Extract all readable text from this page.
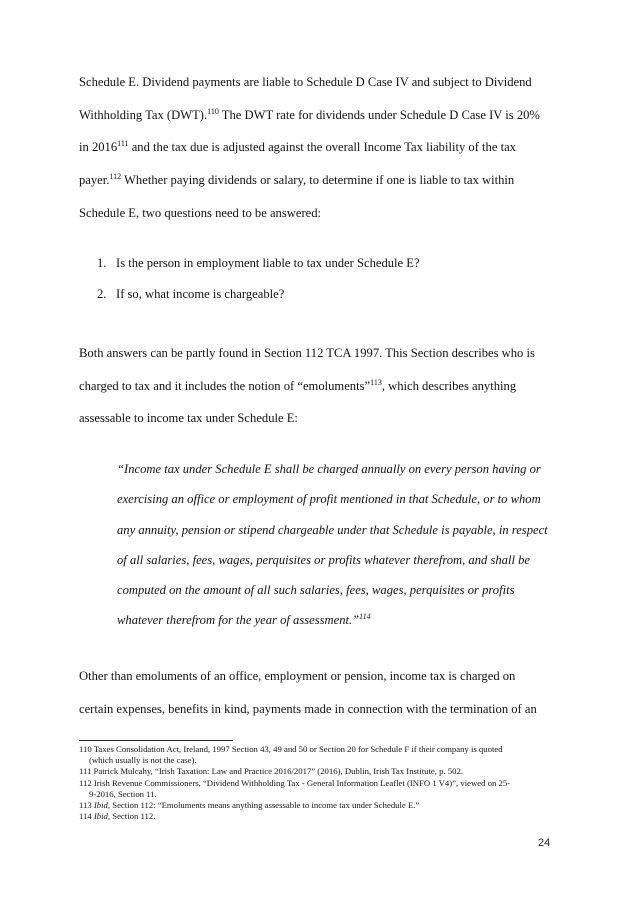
Schedule E. Dividend payments are liable to Schedule D Case IV and subject to Dividend
Withholding Tax (DWT).$^{110}$ The DWT rate for dividends under Schedule D Case IV is 20%
in 2016$^{111}$ and the tax due is adjusted against the overall Income Tax liability of the tax
payer.$^{112}$ Whether paying dividends or salary, to determine if one is liable to tax within
Schedule E, two questions need to be answered:
1. Is the person in employment liable to tax under Schedule E?
2. If so, what income is chargeable?
Both answers can be partly found in Section 112 TCA 1997. This Section describes who is
charged to tax and it includes the notion of “emoluments”$^{113}$, which describes anything
assessable to income tax under Schedule E:
“Income tax under Schedule E shall be charged annually on every person having or
exercising an office or employment of profit mentioned in that Schedule, or to whom
any annuity, pension or stipend chargeable under that Schedule is payable, in respect
of all salaries, fees, wages, perquisites or profits whatever therefrom, and shall be
computed on the amount of all such salaries, fees, wages, perquisites or profits
whatever therefrom for the year of assessment.”$^{114}$
Other than emoluments of an office, employment or pension, income tax is charged on
certain expenses, benefits in kind, payments made in connection with the termination of an
110 Taxes Consolidation Act, Ireland, 1997 Section 43, 49 and 50 or Section 20 for Schedule F if their company is quoted
(which usually is not the case).
111 Patrick Mulcahy, “Irish Taxation: Law and Practice 2016/2017” (2016), Dublin, Irish Tax Institute, p. 502.
112 Irish Revenue Commissioners, “Dividend Withholding Tax - General Information Leaflet (INFO 1 V4)”, viewed on 25-
9-2016, Section 11.
113 Ibid, Section 112: “Emoluments means anything assessable to income tax under Schedule E.”
114 Ibid, Section 112.
24
